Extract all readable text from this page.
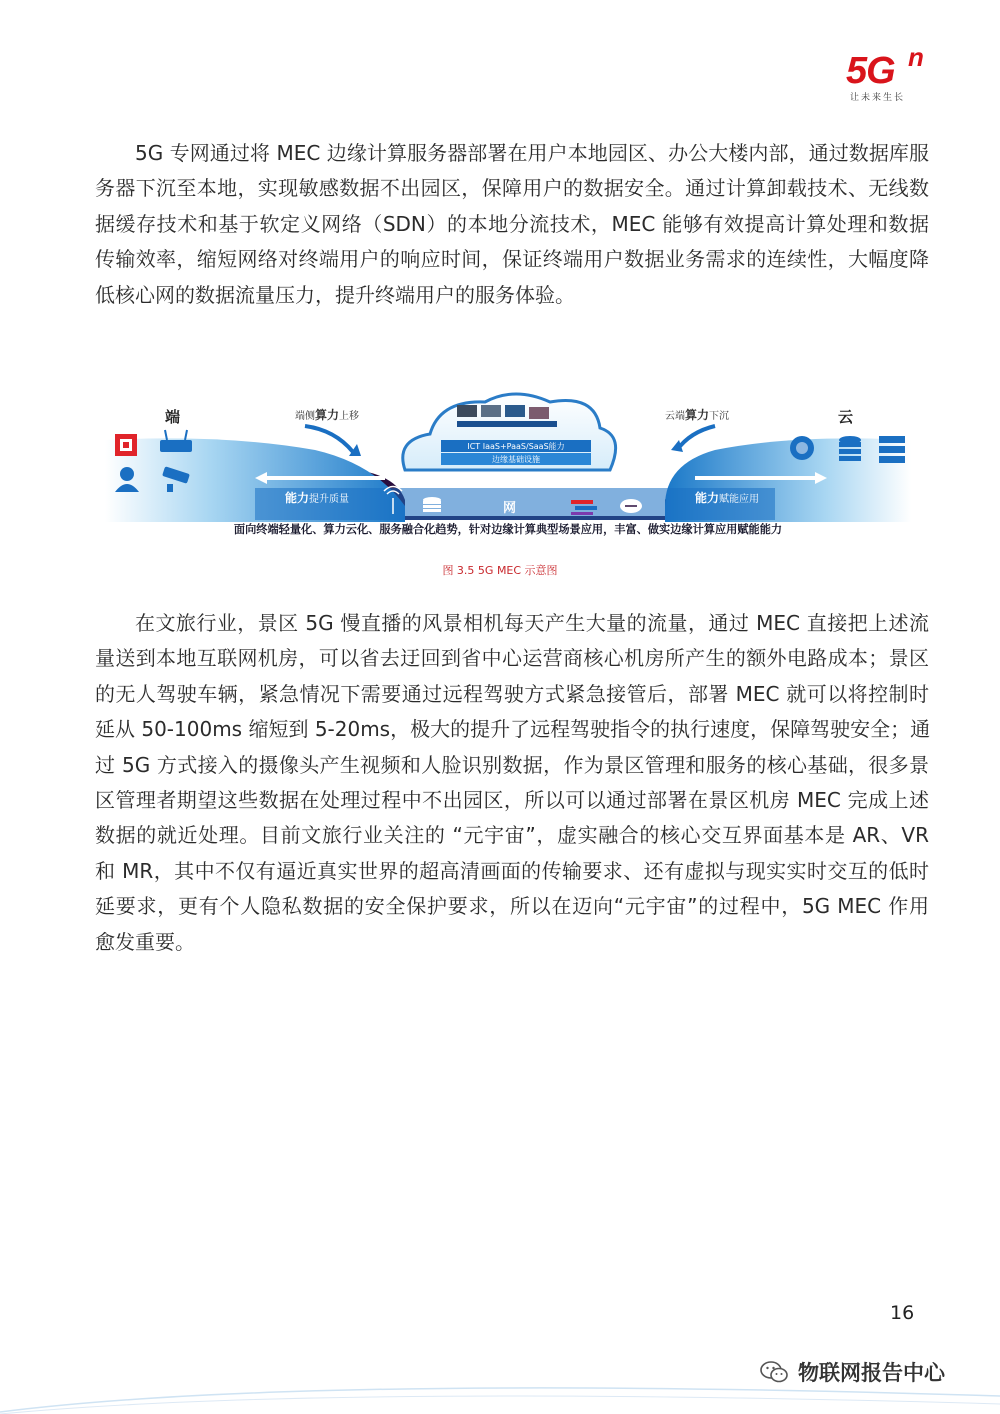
5G n
让未来生长

5G 专网通过将 MEC 边缘计算服务器部署在用户本地园区、办公大楼内部，通过数据库服
务器下沉至本地，实现敏感数据不出园区，保障用户的数据安全。通过计算卸载技术、无线数
据缓存技术和基于软定义网络（SDN）的本地分流技术，MEC 能够有效提高计算处理和数据
传输效率，缩短网络对终端用户的响应时间，保证终端用户数据业务需求的连续性，大幅度降
低核心网的数据流量压力，提升终端用户的服务体验。

ICT IaaS+PaaS/SaaS能力
边缘基础设施
端	云
端侧算力上移	云端算力下沉
能力提升质量	能力赋能应用
网
面向终端轻量化、算力云化、服务融合化趋势，针对边缘计算典型场景应用，丰富、做实边缘计算应用赋能能力
图 3.5 5G MEC 示意图

在文旅行业，景区 5G 慢直播的风景相机每天产生大量的流量，通过 MEC 直接把上述流
量送到本地互联网机房，可以省去迂回到省中心运营商核心机房所产生的额外电路成本；景区
的无人驾驶车辆，紧急情况下需要通过远程驾驶方式紧急接管后，部署 MEC 就可以将控制时
延从 50-100ms 缩短到 5-20ms，极大的提升了远程驾驶指令的执行速度，保障驾驶安全；通
过 5G 方式接入的摄像头产生视频和人脸识别数据，作为景区管理和服务的核心基础，很多景
区管理者期望这些数据在处理过程中不出园区，所以可以通过部署在景区机房 MEC 完成上述
数据的就近处理。目前文旅行业关注的 “元宇宙”，虚实融合的核心交互界面基本是 AR、VR
和 MR，其中不仅有逼近真实世界的超高清画面的传输要求、还有虚拟与现实实时交互的低时
延要求，更有个人隐私数据的安全保护要求，所以在迈向“元宇宙”的过程中，5G MEC 作用
愈发重要。

16
物联网报告中心
